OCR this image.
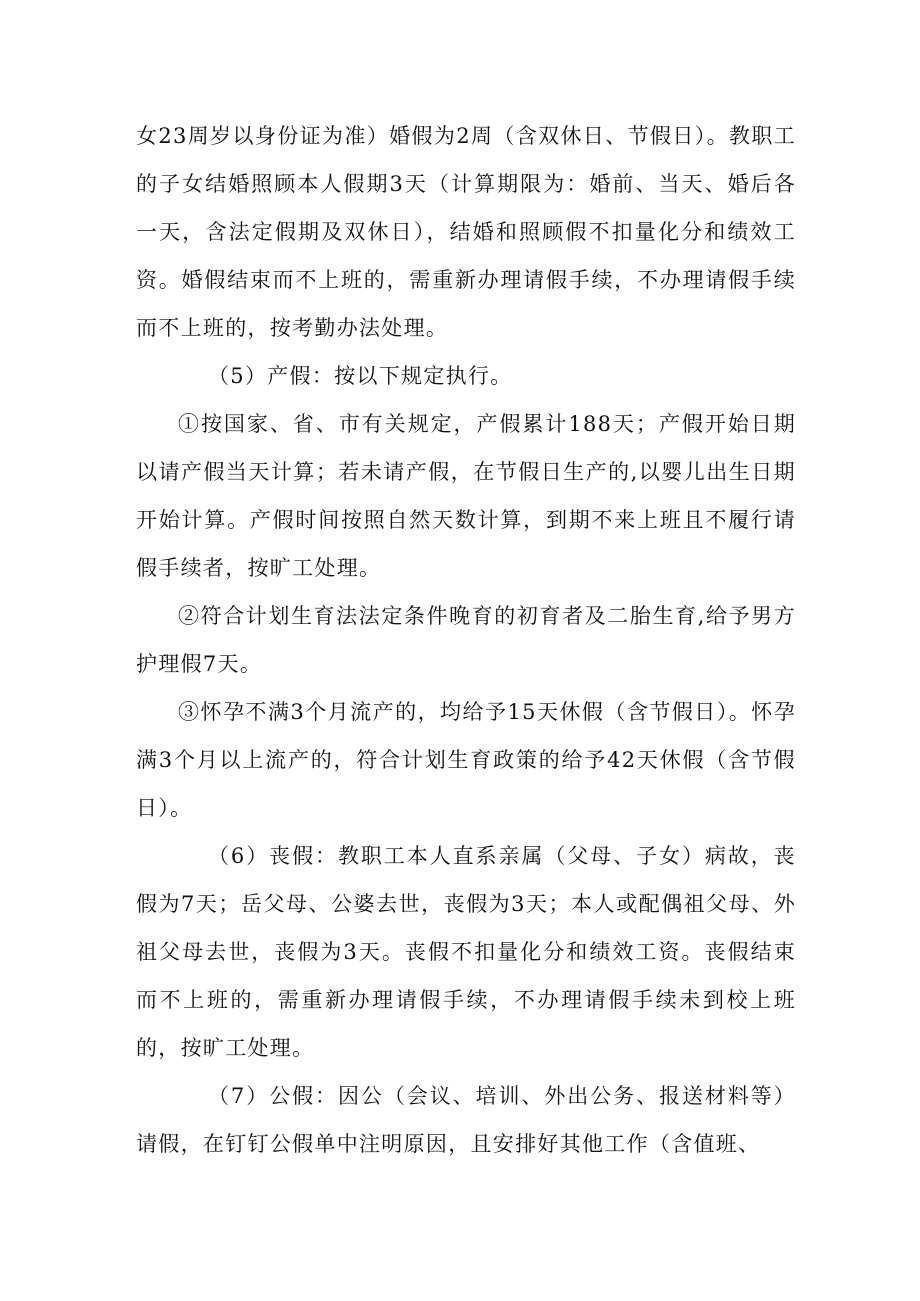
女23周岁以身份证为准）婚假为2周（含双休日、节假日）。教职工的子女结婚照顾本人假期3天（计算期限为：婚前、当天、婚后各一天，含法定假期及双休日），结婚和照顾假不扣量化分和绩效工资。婚假结束而不上班的，需重新办理请假手续，不办理请假手续而不上班的，按考勤办法处理。

（5）产假：按以下规定执行。

①按国家、省、市有关规定，产假累计188天；产假开始日期以请产假当天计算；若未请产假，在节假日生产的,以婴儿出生日期开始计算。产假时间按照自然天数计算，到期不来上班且不履行请假手续者，按旷工处理。

②符合计划生育法法定条件晚育的初育者及二胎生育,给予男方护理假7天。

③怀孕不满3个月流产的，均给予15天休假（含节假日）。怀孕满3个月以上流产的，符合计划生育政策的给予42天休假（含节假日）。

（6）丧假：教职工本人直系亲属（父母、子女）病故，丧假为7天；岳父母、公婆去世，丧假为3天；本人或配偶祖父母、外祖父母去世，丧假为3天。丧假不扣量化分和绩效工资。丧假结束而不上班的，需重新办理请假手续，不办理请假手续未到校上班的，按旷工处理。

（7）公假：因公（会议、培训、外出公务、报送材料等）请假，在钉钉公假单中注明原因，且安排好其他工作（含值班、
